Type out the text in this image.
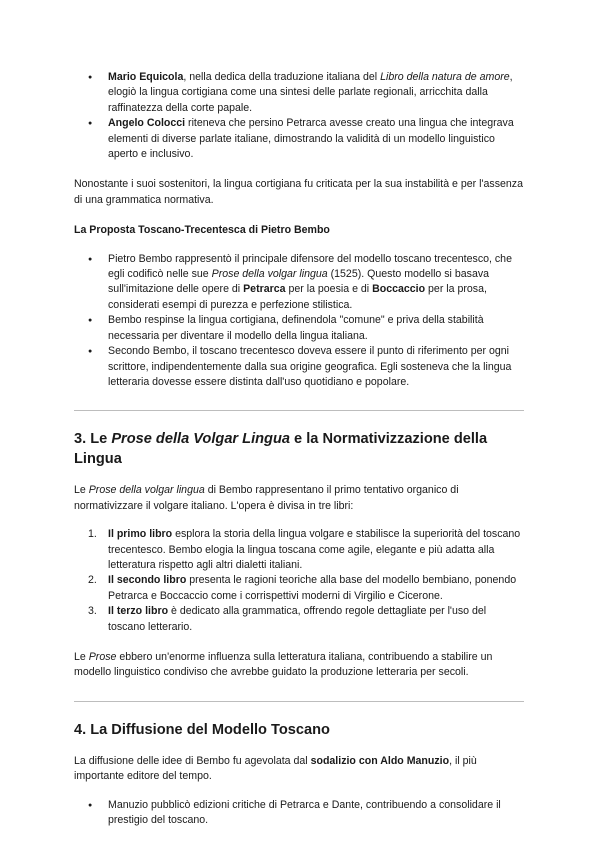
● Mario Equicola, nella dedica della traduzione italiana del Libro della natura de amore, elogiò la lingua cortigiana come una sintesi delle parlate regionali, arricchita dalla raffinatezza della corte papale.
● Angelo Colocci riteneva che persino Petrarca avesse creato una lingua che integrava elementi di diverse parlate italiane, dimostrando la validità di un modello linguistico aperto e inclusivo.

Nonostante i suoi sostenitori, la lingua cortigiana fu criticata per la sua instabilità e per l'assenza di una grammatica normativa.

La Proposta Toscano-Trecentesca di Pietro Bembo

● Pietro Bembo rappresentò il principale difensore del modello toscano trecentesco, che egli codificò nelle sue Prose della volgar lingua (1525). Questo modello si basava sull'imitazione delle opere di Petrarca per la poesia e di Boccaccio per la prosa, considerati esempi di purezza e perfezione stilistica.
● Bembo respinse la lingua cortigiana, definendola "comune" e priva della stabilità necessaria per diventare il modello della lingua italiana.
● Secondo Bembo, il toscano trecentesco doveva essere il punto di riferimento per ogni scrittore, indipendentemente dalla sua origine geografica. Egli sosteneva che la lingua letteraria dovesse essere distinta dall'uso quotidiano e popolare.
3. Le Prose della Volgar Lingua e la Normativizzazione della Lingua

Le Prose della volgar lingua di Bembo rappresentano il primo tentativo organico di normativizzare il volgare italiano. L'opera è divisa in tre libri:

1. Il primo libro esplora la storia della lingua volgare e stabilisce la superiorità del toscano trecentesco. Bembo elogia la lingua toscana come agile, elegante e più adatta alla letteratura rispetto agli altri dialetti italiani.
2. Il secondo libro presenta le ragioni teoriche alla base del modello bembiano, ponendo Petrarca e Boccaccio come i corrispettivi moderni di Virgilio e Cicerone.
3. Il terzo libro è dedicato alla grammatica, offrendo regole dettagliate per l'uso del toscano letterario.

Le Prose ebbero un'enorme influenza sulla letteratura italiana, contribuendo a stabilire un modello linguistico condiviso che avrebbe guidato la produzione letteraria per secoli.

4. La Diffusione del Modello Toscano

La diffusione delle idee di Bembo fu agevolata dal sodalizio con Aldo Manuzio, il più importante editore del tempo.

● Manuzio pubblicò edizioni critiche di Petrarca e Dante, contribuendo a consolidare il prestigio del toscano.
